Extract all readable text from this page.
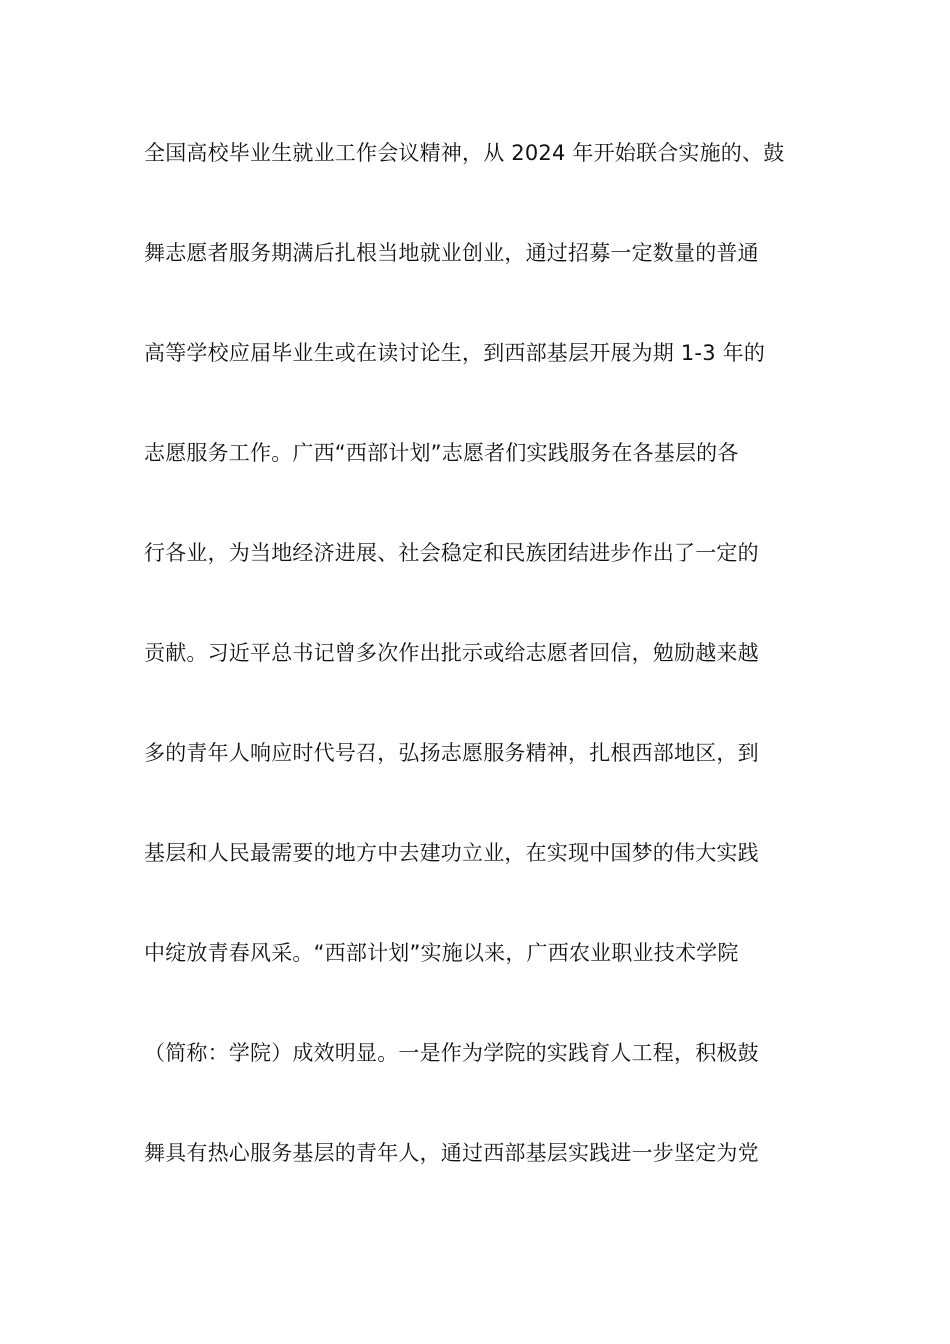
全国高校毕业生就业工作会议精神，从 2024 年开始联合实施的、鼓
舞志愿者服务期满后扎根当地就业创业，通过招募一定数量的普通
高等学校应届毕业生或在读讨论生，到西部基层开展为期 1-3 年的
志愿服务工作。广西“西部计划”志愿者们实践服务在各基层的各
行各业，为当地经济进展、社会稳定和民族团结进步作出了一定的
贡献。习近平总书记曾多次作出批示或给志愿者回信，勉励越来越
多的青年人响应时代号召，弘扬志愿服务精神，扎根西部地区，到
基层和人民最需要的地方中去建功立业，在实现中国梦的伟大实践
中绽放青春风采。“西部计划”实施以来，广西农业职业技术学院
（简称：学院）成效明显。一是作为学院的实践育人工程，积极鼓
舞具有热心服务基层的青年人，通过西部基层实践进一步坚定为党
